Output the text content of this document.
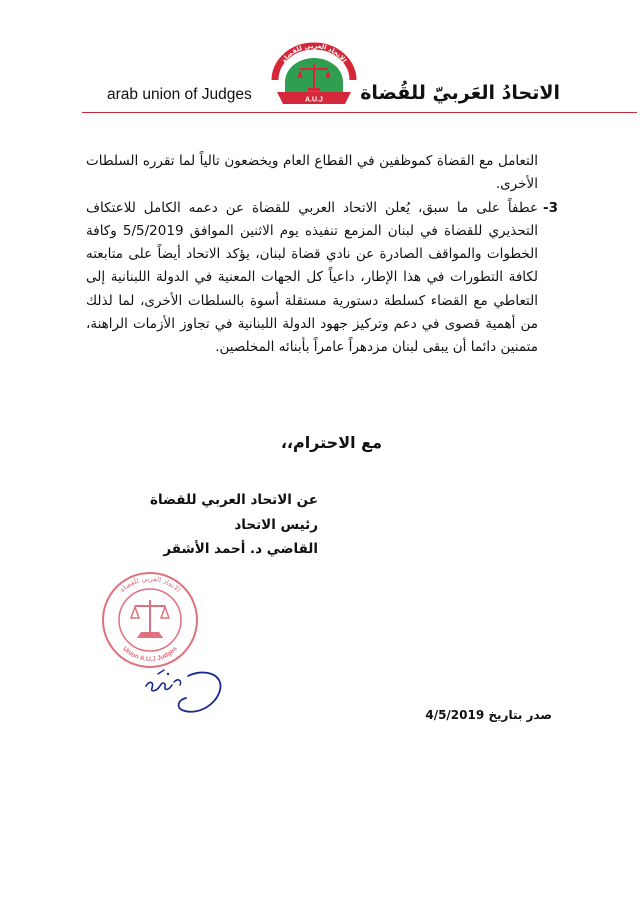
arab union of Judges
الاتحاد العربي للقضاة
A.U.J الاتحادُ العَربيّ للقُضاة

التعامل مع القضاة كموظفين في القطاع العام ويخضعون تالياً لما تقرره السلطات الأخرى.

-3

عطفاً على ما سبق، يُعلن الاتحاد العربي للقضاة عن دعمه الكامل للاعتكاف التحذيري للقضاة في لبنان المزمع تنفيذه يوم الاثنين الموافق 5/5/2019 وكافة الخطوات والمواقف الصادرة عن نادي قضاة لبنان، يؤكد الاتحاد أيضاً على متابعته لكافة التطورات في هذا الإطار، داعياً كل الجهات المعنية في الدولة اللبنانية إلى التعاطي مع القضاء كسلطة دستورية مستقلة أسوة بالسلطات الأخرى، لما لذلك من أهمية قصوى في دعم وتركيز جهود الدولة اللبنانية في تجاوز الأزمات الراهنة، متمنين دائما أن يبقى لبنان مزدهراً عامراً بأبنائه المخلصين.

مع الاحترام،،
عن الاتحاد العربي للقضاة
رئيس الاتحاد
القاضي د. أحمد الأشقر
الاتحاد العربي للقضاة
Union A.U.J Judges
صدر بتاريخ 4/5/2019
